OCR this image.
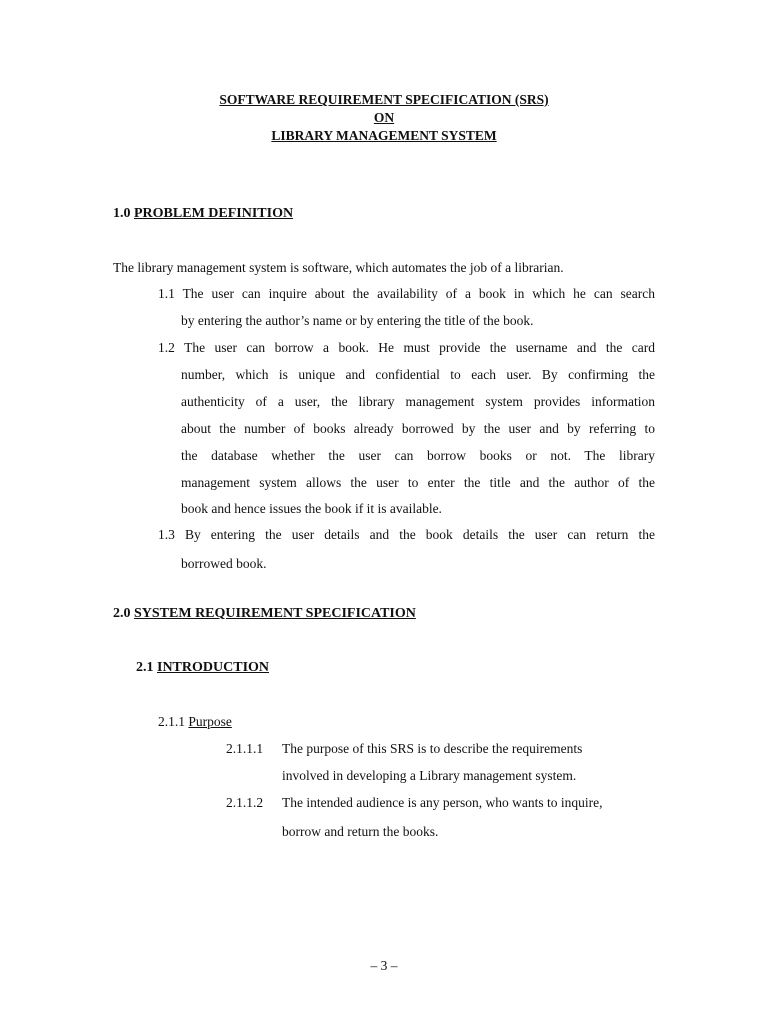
SOFTWARE REQUIREMENT SPECIFICATION (SRS)
ON
LIBRARY MANAGEMENT SYSTEM
1.0 PROBLEM DEFINITION
The library management system is software, which automates the job of a librarian.
1.1 The user can inquire about the availability of a book in which he can search
by entering the author’s name or by entering the title of the book.
1.2 The user can borrow a book. He must provide the username and the card
number, which is unique and confidential to each user. By confirming the
authenticity of a user, the library management system provides information
about the number of books already borrowed by the user and by referring to
the database whether the user can borrow books or not. The library
management system allows the user to enter the title and the author of the
book and hence issues the book if it is available.
1.3 By entering the user details and the book details the user can return the
borrowed book.
2.0 SYSTEM REQUIREMENT SPECIFICATION
2.1 INTRODUCTION
2.1.1 Purpose
2.1.1.1 The purpose of this SRS is to describe the requirements
involved in developing a Library management system.
2.1.1.2 The intended audience is any person, who wants to inquire,
borrow and return the books.
– 3 –
